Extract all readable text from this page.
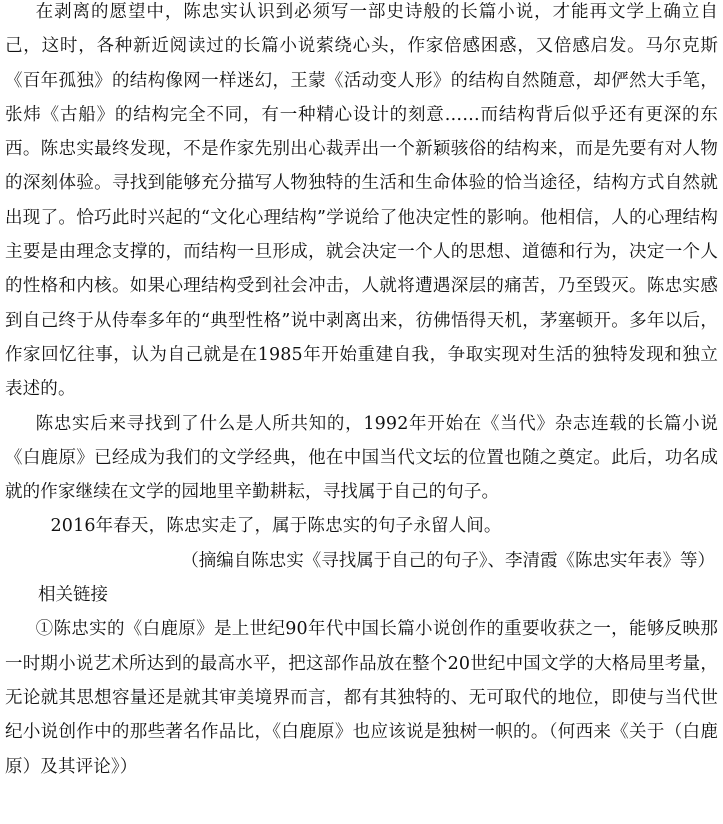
在剥离的愿望中，陈忠实认识到必须写一部史诗般的长篇小说，才能再文学上确立自己，这时，各种新近阅读过的长篇小说萦绕心头，作家倍感困惑，又倍感启发。马尔克斯《百年孤独》的结构像网一样迷幻，王蒙《活动变人形》的结构自然随意，却俨然大手笔，张炜《古船》的结构完全不同，有一种精心设计的刻意……而结构背后似乎还有更深的东西。陈忠实最终发现，不是作家先别出心裁弄出一个新颖骇俗的结构来，而是先要有对人物的深刻体验。寻找到能够充分描写人物独特的生活和生命体验的恰当途径，结构方式自然就出现了。恰巧此时兴起的“文化心理结构”学说给了他决定性的影响。他相信，人的心理结构主要是由理念支撑的，而结构一旦形成，就会决定一个人的思想、道德和行为，决定一个人的性格和内核。如果心理结构受到社会冲击，人就将遭遇深层的痛苦，乃至毁灭。陈忠实感到自己终于从侍奉多年的“典型性格”说中剥离出来，彷佛悟得天机，茅塞顿开。多年以后，作家回忆往事，认为自己就是在1985年开始重建自我，争取实现对生活的独特发现和独立表述的。

陈忠实后来寻找到了什么是人所共知的，1992年开始在《当代》杂志连载的长篇小说《白鹿原》已经成为我们的文学经典，他在中国当代文坛的位置也随之奠定。此后，功名成就的作家继续在文学的园地里辛勤耕耘，寻找属于自己的句子。

2016年春天，陈忠实走了，属于陈忠实的句子永留人间。

（摘编自陈忠实《寻找属于自己的句子》、李清霞《陈忠实年表》等）

相关链接

①陈忠实的《白鹿原》是上世纪90年代中国长篇小说创作的重要收获之一，能够反映那一时期小说艺术所达到的最高水平，把这部作品放在整个20世纪中国文学的大格局里考量，无论就其思想容量还是就其审美境界而言，都有其独特的、无可取代的地位，即使与当代世纪小说创作中的那些著名作品比，《白鹿原》也应该说是独树一帜的。（何西来《关于（白鹿原）及其评论》）
